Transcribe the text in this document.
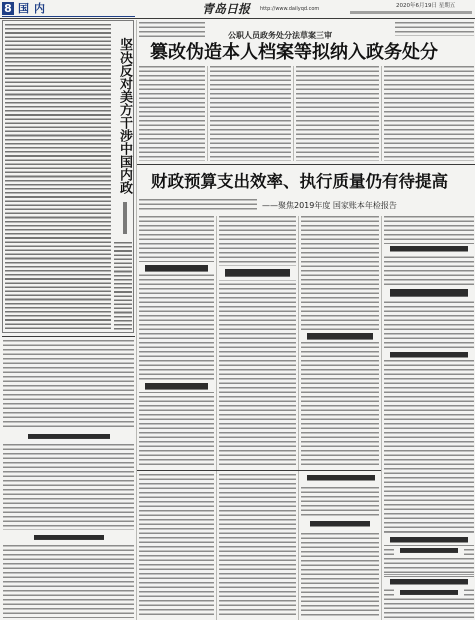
8 国内	青岛日报 http://www.dailyqd.com	2020年6月19日 星期五
坚决反对美方干涉中国内政
公职人员政务处分法草案三审
篡改伪造本人档案等拟纳入政务处分
财政预算支出效率、执行质量仍有待提高
——聚焦2019年度 国家账本年检报告
